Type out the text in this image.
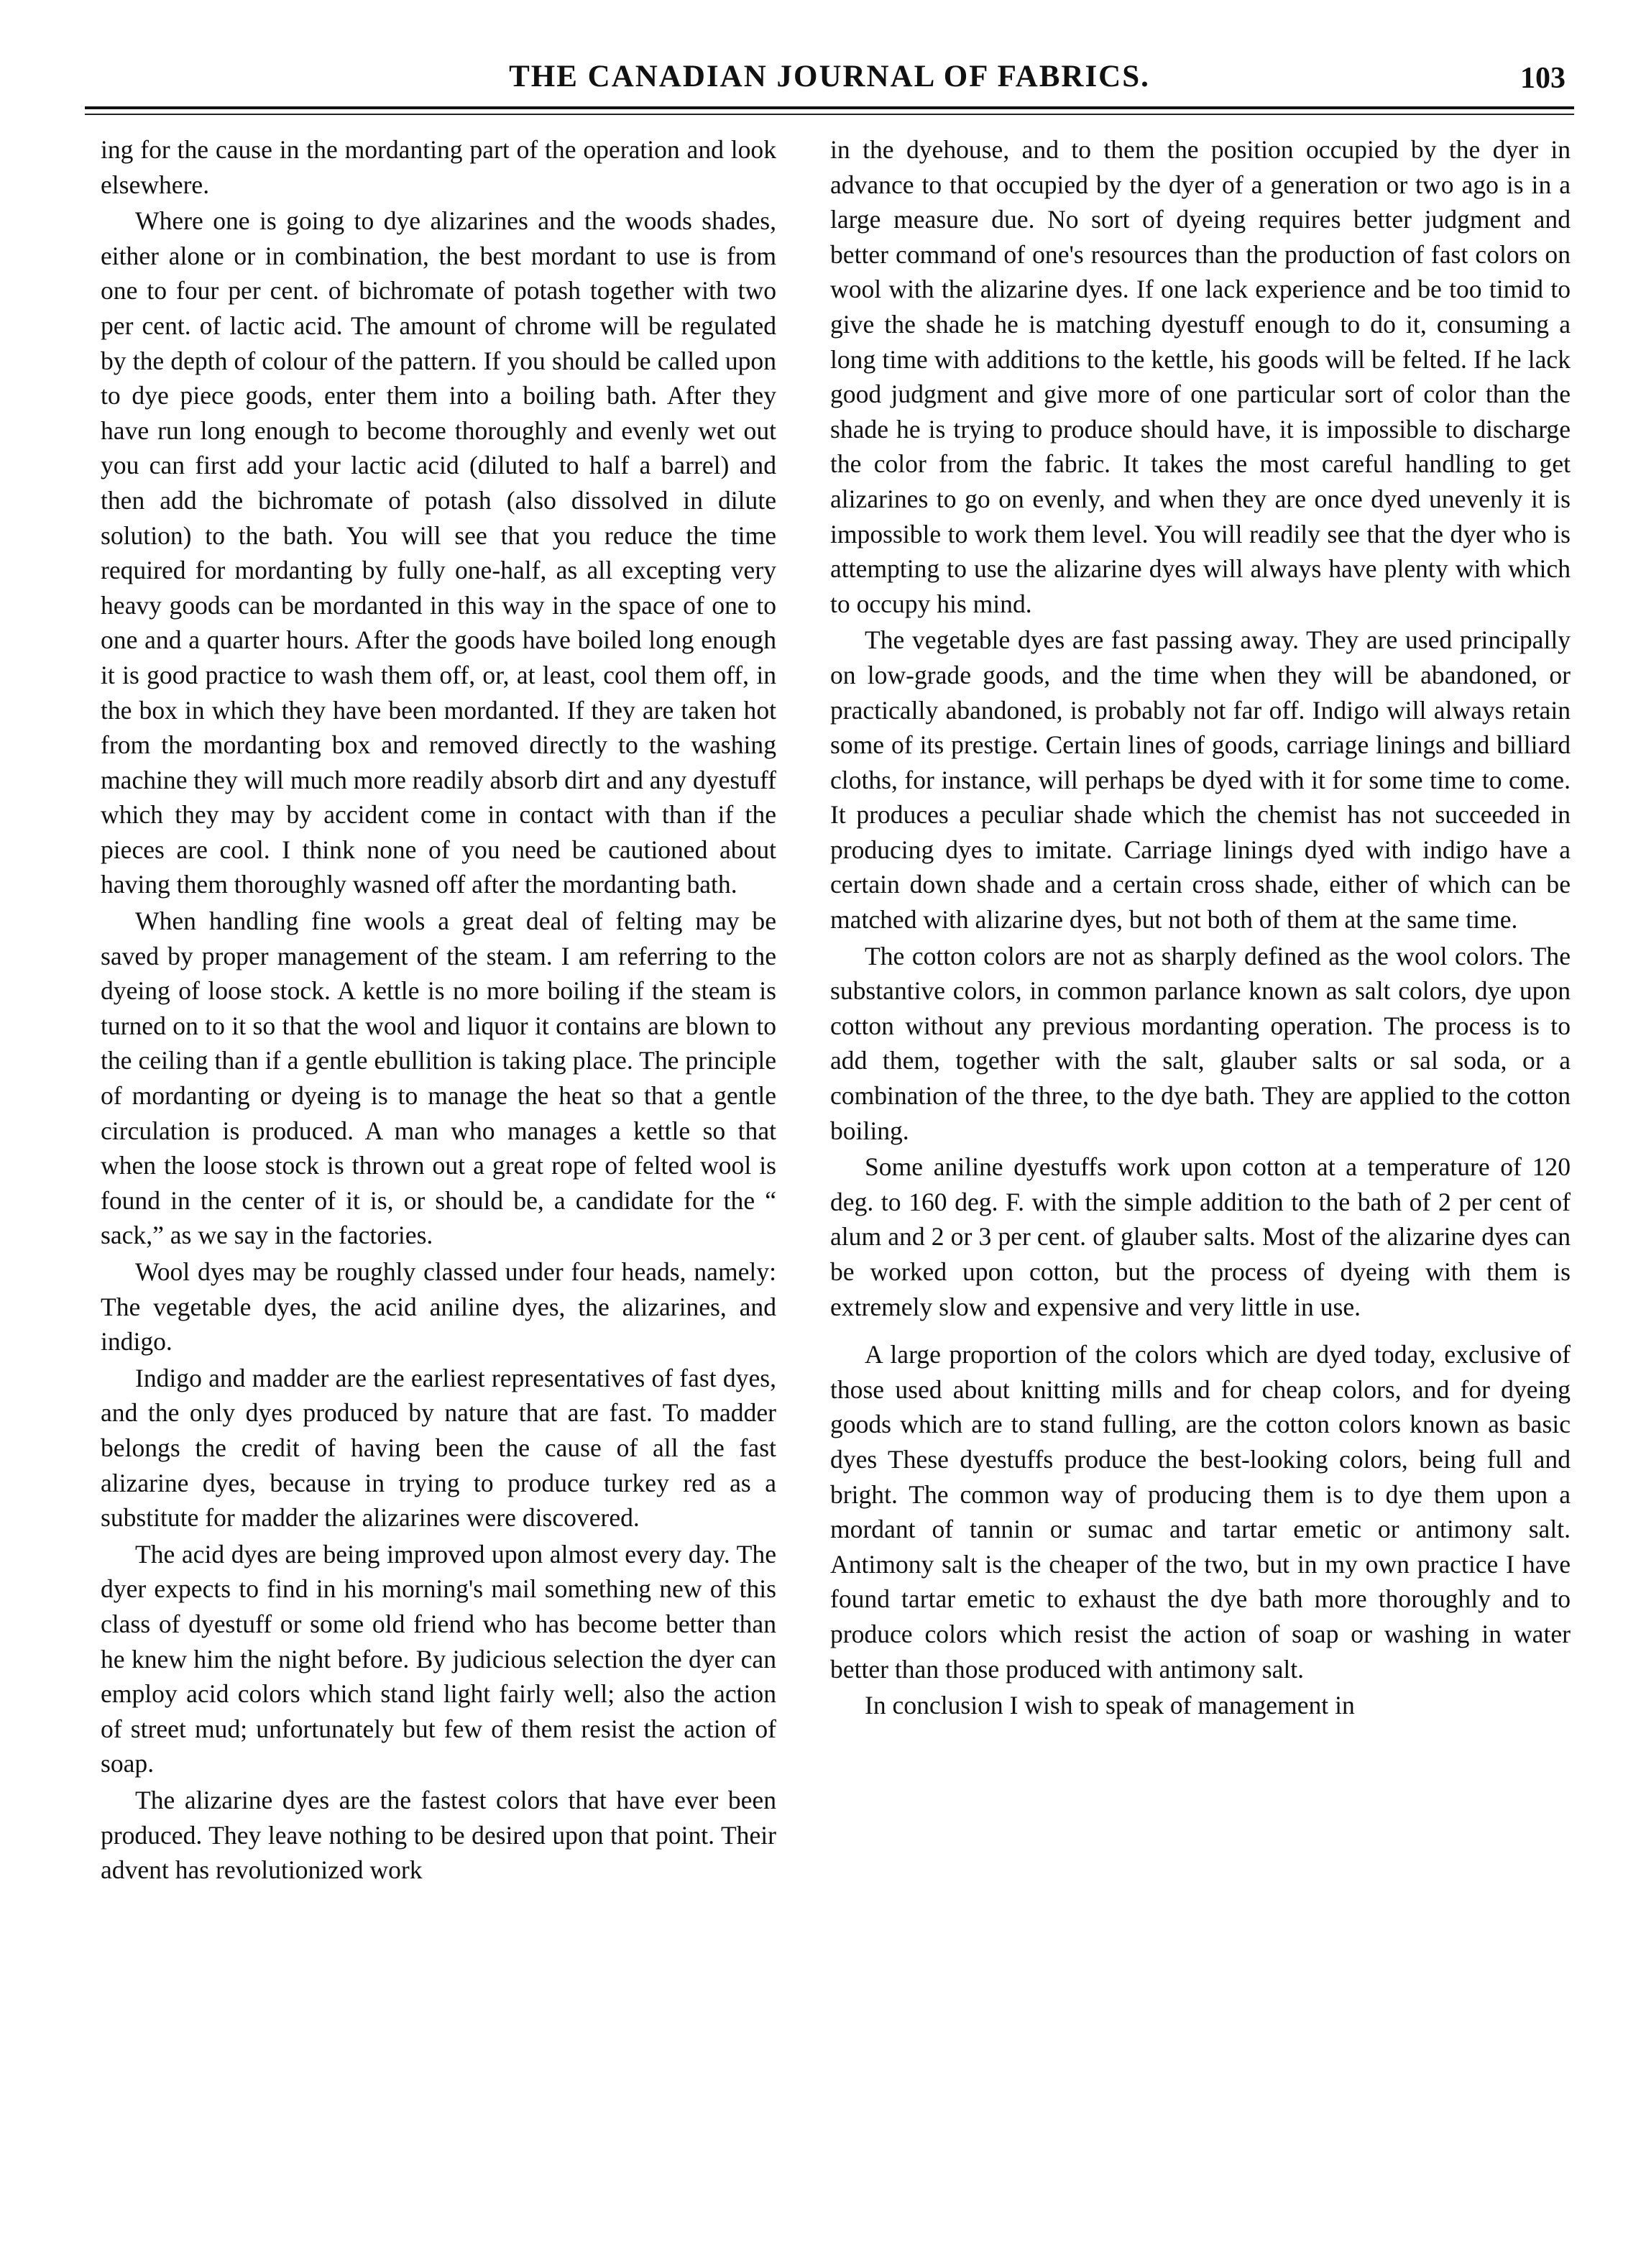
THE CANADIAN JOURNAL OF FABRICS.	103

ing for the cause in the mordanting part of the operation and look elsewhere.

Where one is going to dye alizarines and the woods shades, either alone or in combination, the best mordant to use is from one to four per cent. of bichromate of potash together with two per cent. of lactic acid. The amount of chrome will be regulated by the depth of colour of the pattern. If you should be called upon to dye piece goods, enter them into a boiling bath. After they have run long enough to become thoroughly and evenly wet out you can first add your lactic acid (diluted to half a barrel) and then add the bichromate of potash (also dissolved in dilute solution) to the bath. You will see that you reduce the time required for mordanting by fully one-half, as all excepting very heavy goods can be mordanted in this way in the space of one to one and a quarter hours. After the goods have boiled long enough it is good practice to wash them off, or, at least, cool them off, in the box in which they have been mordanted. If they are taken hot from the mordanting box and removed directly to the washing machine they will much more readily absorb dirt and any dyestuff which they may by accident come in contact with than if the pieces are cool. I think none of you need be cautioned about having them thoroughly wasned off after the mordanting bath.

When handling fine wools a great deal of felting may be saved by proper management of the steam. I am referring to the dyeing of loose stock. A kettle is no more boiling if the steam is turned on to it so that the wool and liquor it contains are blown to the ceiling than if a gentle ebullition is taking place. The principle of mordanting or dyeing is to manage the heat so that a gentle circulation is produced. A man who manages a kettle so that when the loose stock is thrown out a great rope of felted wool is found in the center of it is, or should be, a candidate for the “ sack,” as we say in the factories.

Wool dyes may be roughly classed under four heads, namely: The vegetable dyes, the acid aniline dyes, the alizarines, and indigo.

Indigo and madder are the earliest representatives of fast dyes, and the only dyes produced by nature that are fast. To madder belongs the credit of having been the cause of all the fast alizarine dyes, because in trying to produce turkey red as a substitute for madder the alizarines were discovered.

The acid dyes are being improved upon almost every day. The dyer expects to find in his morning's mail something new of this class of dyestuff or some old friend who has become better than he knew him the night before. By judicious selection the dyer can employ acid colors which stand light fairly well; also the action of street mud; unfortunately but few of them resist the action of soap.

The alizarine dyes are the fastest colors that have ever been produced. They leave nothing to be desired upon that point. Their advent has revolutionized work

in the dyehouse, and to them the position occupied by the dyer in advance to that occupied by the dyer of a generation or two ago is in a large measure due. No sort of dyeing requires better judgment and better command of one's resources than the production of fast colors on wool with the alizarine dyes. If one lack experience and be too timid to give the shade he is matching dyestuff enough to do it, consuming a long time with additions to the kettle, his goods will be felted. If he lack good judgment and give more of one particular sort of color than the shade he is trying to produce should have, it is impossible to discharge the color from the fabric. It takes the most careful handling to get alizarines to go on evenly, and when they are once dyed unevenly it is impossible to work them level. You will readily see that the dyer who is attempting to use the alizarine dyes will always have plenty with which to occupy his mind.

The vegetable dyes are fast passing away. They are used principally on low-grade goods, and the time when they will be abandoned, or practically abandoned, is probably not far off. Indigo will always retain some of its prestige. Certain lines of goods, carriage linings and billiard cloths, for instance, will perhaps be dyed with it for some time to come. It produces a peculiar shade which the chemist has not succeeded in producing dyes to imitate. Carriage linings dyed with indigo have a certain down shade and a certain cross shade, either of which can be matched with alizarine dyes, but not both of them at the same time.

The cotton colors are not as sharply defined as the wool colors. The substantive colors, in common parlance known as salt colors, dye upon cotton without any previous mordanting operation. The process is to add them, together with the salt, glauber salts or sal soda, or a combination of the three, to the dye bath. They are applied to the cotton boiling.

Some aniline dyestuffs work upon cotton at a temperature of 120 deg. to 160 deg. F. with the simple addition to the bath of 2 per cent of alum and 2 or 3 per cent. of glauber salts. Most of the alizarine dyes can be worked upon cotton, but the process of dyeing with them is extremely slow and expensive and very little in use.

A large proportion of the colors which are dyed today, exclusive of those used about knitting mills and for cheap colors, and for dyeing goods which are to stand fulling, are the cotton colors known as basic dyes These dyestuffs produce the best-looking colors, being full and bright. The common way of producing them is to dye them upon a mordant of tannin or sumac and tartar emetic or antimony salt. Antimony salt is the cheaper of the two, but in my own practice I have found tartar emetic to exhaust the dye bath more thoroughly and to produce colors which resist the action of soap or washing in water better than those produced with antimony salt.

In conclusion I wish to speak of management in
